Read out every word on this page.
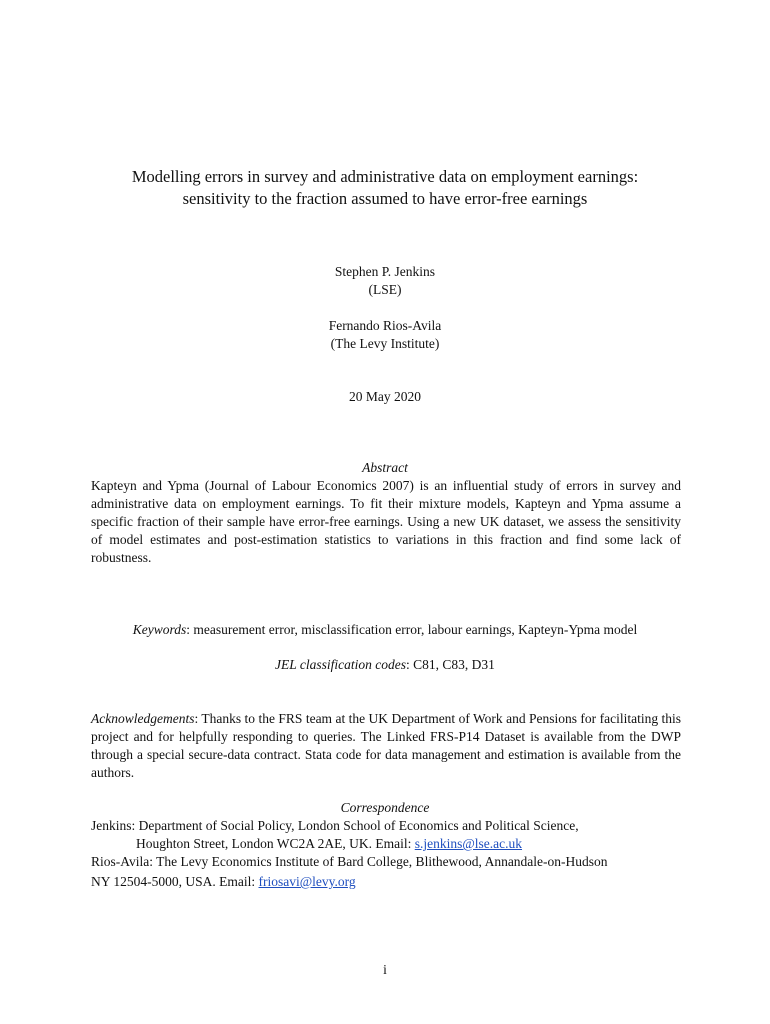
Modelling errors in survey and administrative data on employment earnings:
sensitivity to the fraction assumed to have error-free earnings
Stephen P. Jenkins
(LSE)
Fernando Rios-Avila
(The Levy Institute)
20 May 2020
Abstract
Kapteyn and Ypma (Journal of Labour Economics 2007) is an influential study of errors in survey and administrative data on employment earnings. To fit their mixture models, Kapteyn and Ypma assume a specific fraction of their sample have error-free earnings. Using a new UK dataset, we assess the sensitivity of model estimates and post-estimation statistics to variations in this fraction and find some lack of robustness.
Keywords: measurement error, misclassification error, labour earnings, Kapteyn-Ypma model
JEL classification codes: C81, C83, D31
Acknowledgements: Thanks to the FRS team at the UK Department of Work and Pensions for facilitating this project and for helpfully responding to queries. The Linked FRS-P14 Dataset is available from the DWP through a special secure-data contract. Stata code for data management and estimation is available from the authors.
Correspondence
Jenkins: Department of Social Policy, London School of Economics and Political Science,
Houghton Street, London WC2A 2AE, UK. Email: s.jenkins@lse.ac.uk
Rios-Avila: The Levy Economics Institute of Bard College, Blithewood, Annandale-on-Hudson
NY 12504-5000, USA. Email: friosavi@levy.org
i
